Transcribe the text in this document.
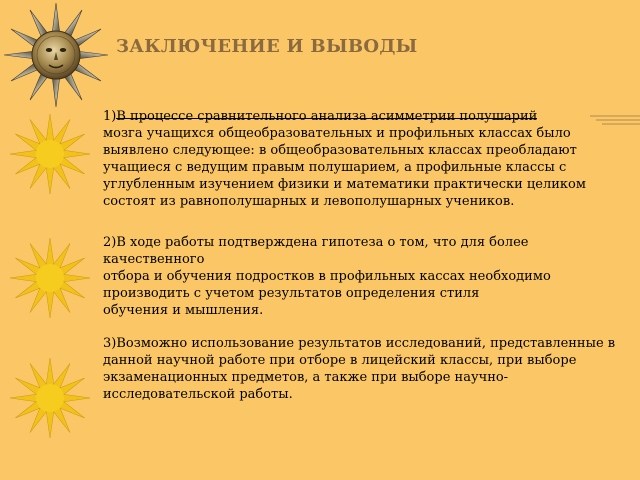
ЗАКЛЮЧЕНИЕ И ВЫВОДЫ

1)В процессе сравнительного анализа асимметрии полушарий
мозга учащихся общеобразовательных и профильных классах было выявлено следующее: в общеобразовательных классах преобладают учащиеся с ведущим правым полушарием, а профильные классы с углубленным изучением физики и математики практически целиком состоят из равнополушарных и левополушарных учеников.

2)В ходе работы подтверждена гипотеза о том, что для более качественного
отбора и обучения подростков в профильных кассах необходимо
производить с учетом результатов определения стиля
обучения и мышления.

3)Возможно использование результатов исследований, представленные в данной научной работе при отборе в лицейский классы, при выборе экзаменационных предметов, а также при выборе научно-исследовательской работы.
